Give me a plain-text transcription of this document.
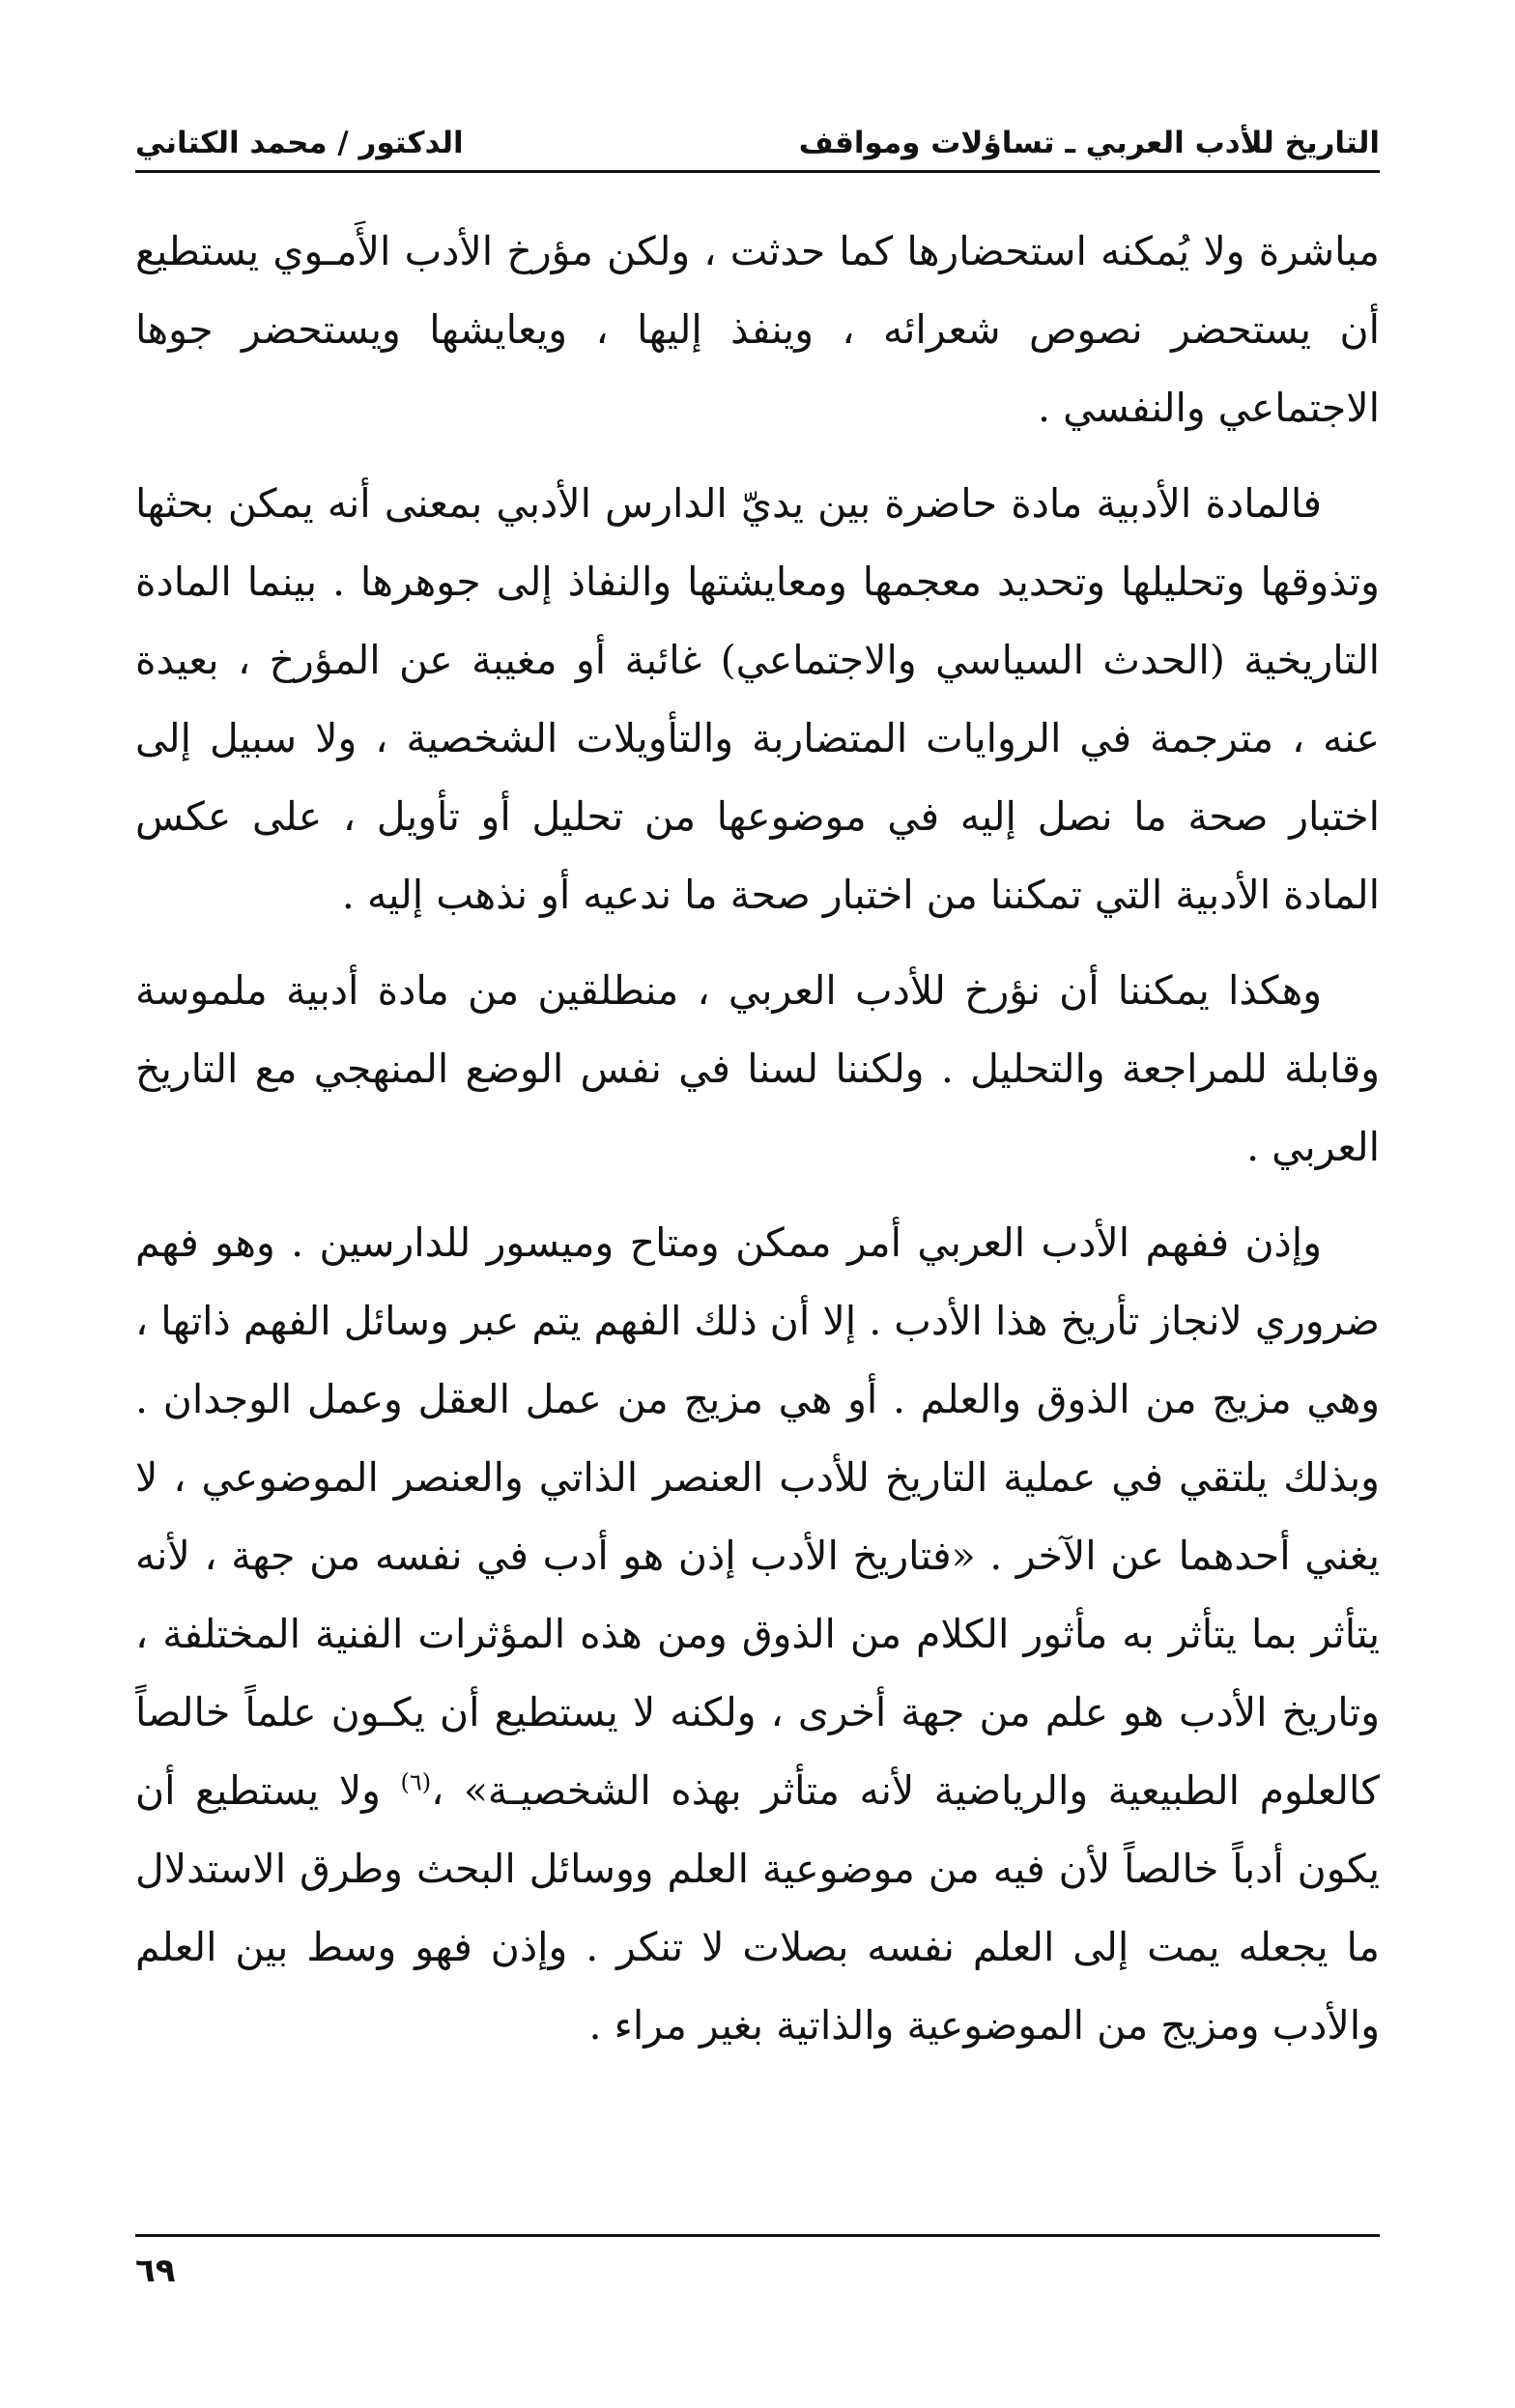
التاريخ للأدب العربي ـ تساؤلات ومواقف
الدكتور / محمد الكتاني

مباشرة ولا يُمكنه استحضارها كما حدثت ، ولكن مؤرخ الأدب الأَمـوي يستطيع أن يستحضر نصوص شعرائه ، وينفذ إليها ، ويعايشها ويستحضر جوها الاجتماعي والنفسي .

فالمادة الأدبية مادة حاضرة بين يديّ الدارس الأدبي بمعنى أنه يمكن بحثها وتذوقها وتحليلها وتحديد معجمها ومعايشتها والنفاذ إلى جوهرها . بينما المادة التاريخية (الحدث السياسي والاجتماعي) غائبة أو مغيبة عن المؤرخ ، بعيدة عنه ، مترجمة في الروايات المتضاربة والتأويلات الشخصية ، ولا سبيل إلى اختبار صحة ما نصل إليه في موضوعها من تحليل أو تأويل ، على عكس المادة الأدبية التي تمكننا من اختبار صحة ما ندعيه أو نذهب إليه .

وهكذا يمكننا أن نؤرخ للأدب العربي ، منطلقين من مادة أدبية ملموسة وقابلة للمراجعة والتحليل . ولكننا لسنا في نفس الوضع المنهجي مع التاريخ العربي .

وإذن ففهم الأدب العربي أمر ممكن ومتاح وميسور للدارسين . وهو فهم ضروري لانجاز تأريخ هذا الأدب . إلا أن ذلك الفهم يتم عبر وسائل الفهم ذاتها ، وهي مزيج من الذوق والعلم . أو هي مزيج من عمل العقل وعمل الوجدان . وبذلك يلتقي في عملية التاريخ للأدب العنصر الذاتي والعنصر الموضوعي ، لا يغني أحدهما عن الآخر . «فتاريخ الأدب إذن هو أدب في نفسه من جهة ، لأنه يتأثر بما يتأثر به مأثور الكلام من الذوق ومن هذه المؤثرات الفنية المختلفة ، وتاريخ الأدب هو علم من جهة أخرى ، ولكنه لا يستطيع أن يكـون علماً خالصاً كالعلوم الطبيعية والرياضية لأنه متأثر بهذه الشخصيـة» ،$^{(٦)}$ ولا يستطيع أن يكون أدباً خالصاً لأن فيه من موضوعية العلم ووسائل البحث وطرق الاستدلال ما يجعله يمت إلى العلم نفسه بصلات لا تنكر . وإذن فهو وسط بين العلم والأدب ومزيج من الموضوعية والذاتية بغير مراء .

٦٩
